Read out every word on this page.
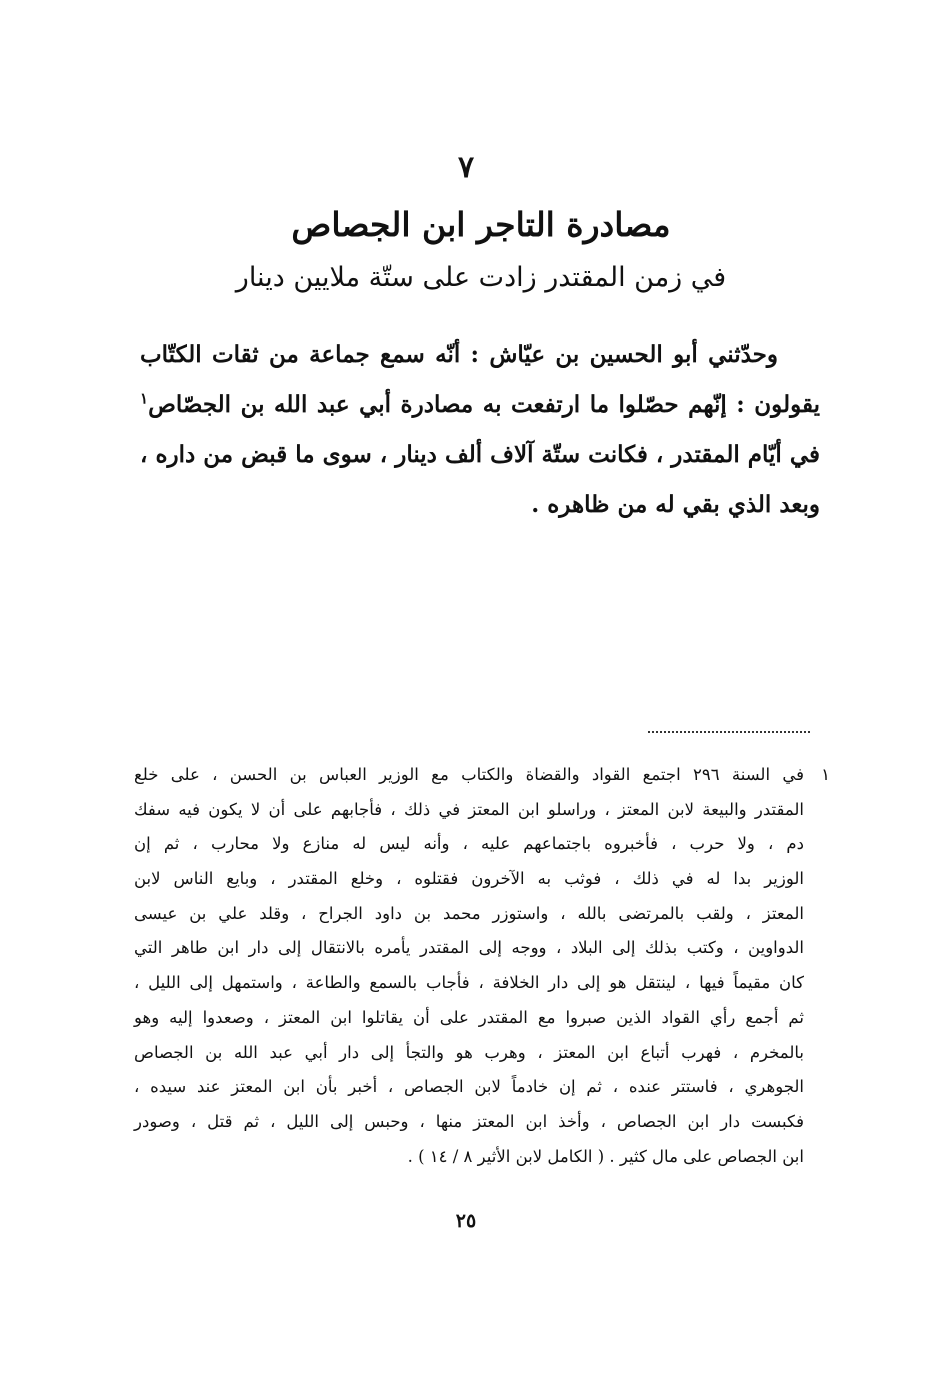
٧
مصادرة التاجر ابن الجصاص
في زمن المقتدر زادت على ستّة ملايين دينار
وحدّثني أبو الحسين بن عيّاش : أنّه سمع جماعة من ثقات الكتّاب
يقولون : إنّهم حصّلوا ما ارتفعت به مصادرة أبي عبد الله بن الجصّاص$^١$
في أيّام المقتدر ، فكانت ستّة آلاف ألف دينار ، سوى ما قبض من داره ،
وبعد الذي بقي له من ظاهره .
١
في السنة ٢٩٦ اجتمع القواد والقضاة والكتاب مع الوزير العباس بن الحسن ، على خلع
المقتدر والبيعة لابن المعتز ، وراسلو ابن المعتز في ذلك ، فأجابهم على أن لا يكون فيه سفك
دم ، ولا حرب ، فأخبروه باجتماعهم عليه ، وأنه ليس له منازع ولا محارب ، ثم إن
الوزير بدا له في ذلك ، فوثب به الآخرون فقتلوه ، وخلع المقتدر ، وبايع الناس لابن
المعتز ، ولقب بالمرتضى بالله ، واستوزر محمد بن داود الجراح ، وقلد علي بن عيسى
الدواوين ، وكتب بذلك إلى البلاد ، ووجه إلى المقتدر يأمره بالانتقال إلى دار ابن طاهر التي
كان مقيماً فيها ، لينتقل هو إلى دار الخلافة ، فأجاب بالسمع والطاعة ، واستمهل إلى الليل ،
ثم أجمع رأي القواد الذين صبروا مع المقتدر على أن يقاتلوا ابن المعتز ، وصعدوا إليه وهو
بالمخرم ، فهرب أتباع ابن المعتز ، وهرب هو والتجأ إلى دار أبي عبد الله بن الجصاص
الجوهري ، فاستتر عنده ، ثم إن خادماً لابن الجصاص ، أخبر بأن ابن المعتز عند سيده ،
فكبست دار ابن الجصاص ، وأخذ ابن المعتز منها ، وحبس إلى الليل ، ثم قتل ، وصودر
ابن الجصاص على مال كثير . ( الكامل لابن الأثير ٨ / ١٤ ) .
٢٥
